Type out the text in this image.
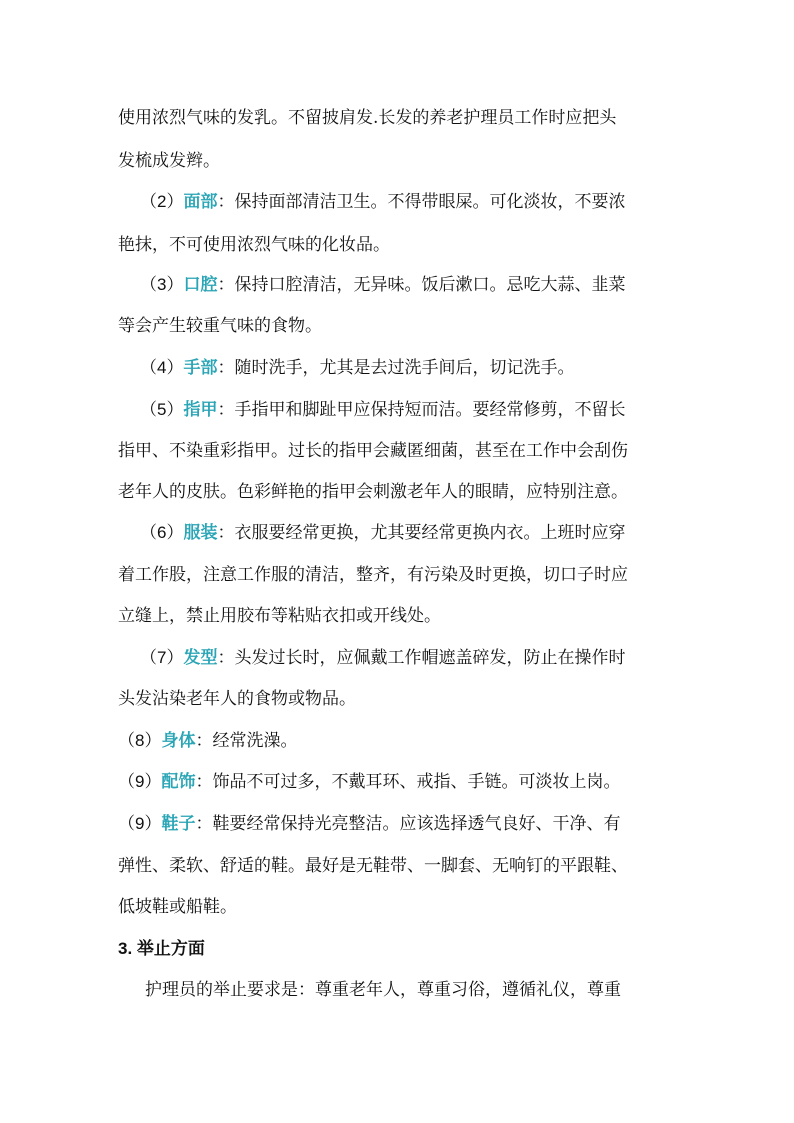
使用浓烈气味的发乳。不留披肩发.长发的养老护理员工作时应把头
发梳成发辫。
（2）面部：保持面部清洁卫生。不得带眼屎。可化淡妆，不要浓
艳抹，不可使用浓烈气味的化妆品。
（3）口腔：保持口腔清洁，无异味。饭后漱口。忌吃大蒜、韭菜
等会产生较重气味的食物。
（4）手部：随时洗手，尤其是去过洗手间后，切记洗手。
（5）指甲：手指甲和脚趾甲应保持短而洁。要经常修剪，不留长
指甲、不染重彩指甲。过长的指甲会藏匿细菌，甚至在工作中会刮伤
老年人的皮肤。色彩鲜艳的指甲会刺激老年人的眼睛，应特别注意。
（6）服装：衣服要经常更换，尤其要经常更换内衣。上班时应穿
着工作股，注意工作服的清洁，整齐，有污染及时更换，切口子时应
立缝上，禁止用胶布等粘贴衣扣或开线处。
（7）发型：头发过长时，应佩戴工作帽遮盖碎发，防止在操作时
头发沾染老年人的食物或物品。
（8）身体：经常洗澡。
（9）配饰：饰品不可过多，不戴耳环、戒指、手链。可淡妆上岗。
（9）鞋子：鞋要经常保持光亮整洁。应该选择透气良好、干净、有
弹性、柔软、舒适的鞋。最好是无鞋带、一脚套、无响钉的平跟鞋、
低坡鞋或船鞋。
3. 举止方面
护理员的举止要求是：尊重老年人，尊重习俗，遵循礼仪，尊重
